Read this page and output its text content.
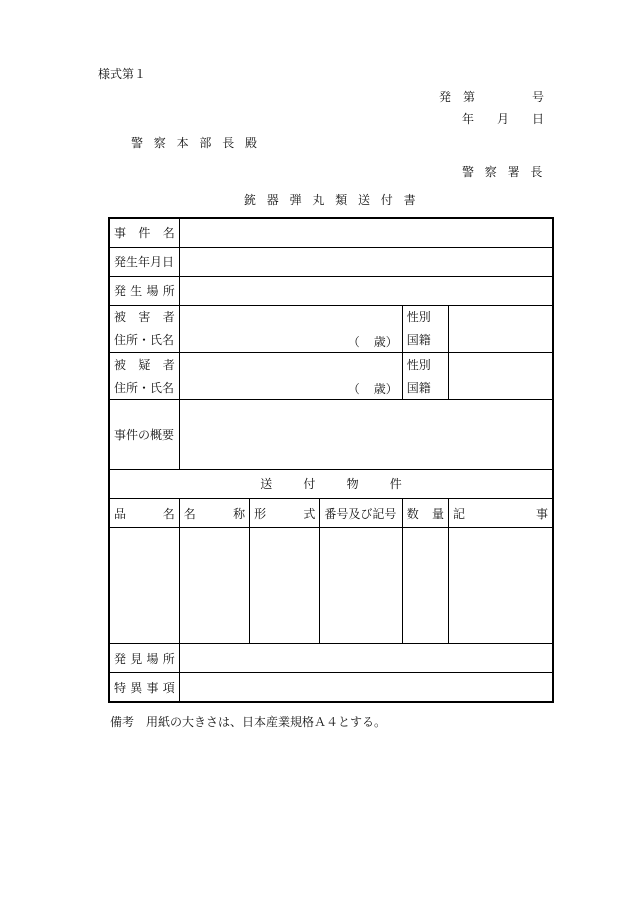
様式第１
発　第	号
年 月 日
警察本部長殿
警察署長
銃器弾丸類送付書
事 件 名					

発生年月日					

発 生 場 所					

被 害 者				性別	
住所・氏名	（ 歳）			国籍	

被 疑 者				性別	
住所・氏名	（ 歳）			国籍	
事件の概要					
送付物件					

品 名	名 称	形 式	番号及び記号	数 量	記 事

発 見 場 所					

特 異 事 項					

備考　用紙の大きさは、日本産業規格Ａ４とする。
